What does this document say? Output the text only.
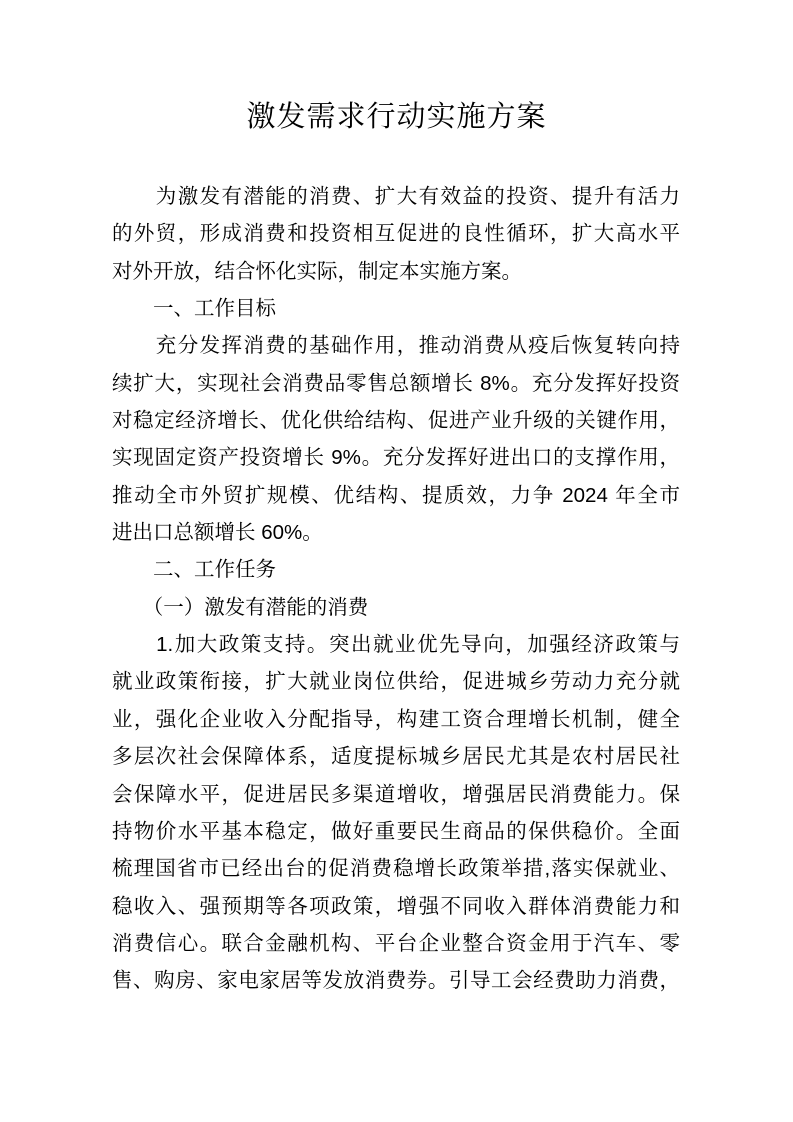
激发需求行动实施方案
　　为激发有潜能的消费、扩大有效益的投资、提升有活力
的外贸，形成消费和投资相互促进的良性循环，扩大高水平
对外开放，结合怀化实际，制定本实施方案。
　　一、工作目标
　　充分发挥消费的基础作用，推动消费从疫后恢复转向持
续扩大，实现社会消费品零售总额增长 8%。充分发挥好投资
对稳定经济增长、优化供给结构、促进产业升级的关键作用，
实现固定资产投资增长 9%。充分发挥好进出口的支撑作用，
推动全市外贸扩规模、优结构、提质效，力争 2024 年全市
进出口总额增长 60%。
　　二、工作任务
　　（一）激发有潜能的消费
　　1.加大政策支持。突出就业优先导向，加强经济政策与
就业政策衔接，扩大就业岗位供给，促进城乡劳动力充分就
业，强化企业收入分配指导，构建工资合理增长机制，健全
多层次社会保障体系，适度提标城乡居民尤其是农村居民社
会保障水平，促进居民多渠道增收，增强居民消费能力。保
持物价水平基本稳定，做好重要民生商品的保供稳价。全面
梳理国省市已经出台的促消费稳增长政策举措,落实保就业、
稳收入、强预期等各项政策，增强不同收入群体消费能力和
消费信心。联合金融机构、平台企业整合资金用于汽车、零
售、购房、家电家居等发放消费券。引导工会经费助力消费，
